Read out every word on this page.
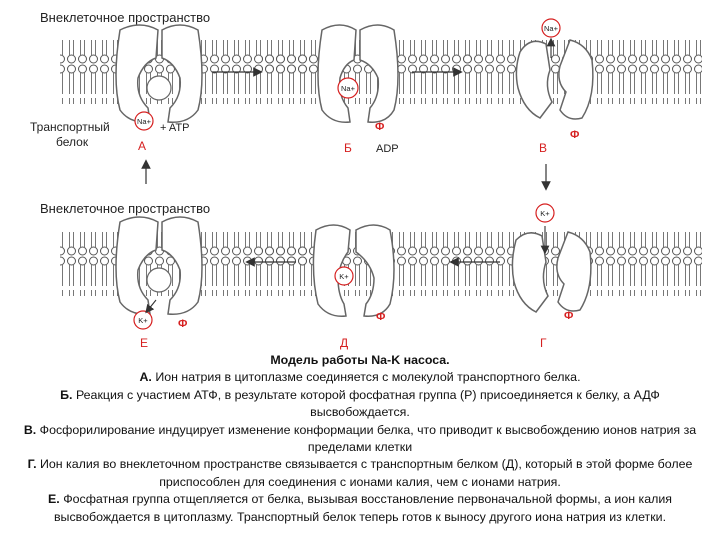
Внеклеточное пространство
Транспортный
белок
Na+
+ ATP
А
Na+
Ф
ADP
Б
Na+
Ф
В
Внеклеточное пространство	K+
Ф
Г
K+
Ф
Д
K+	Ф
Е
Модель работы Na-K насоса.
А. Ион натрия в цитоплазме соединяется с молекулой транспортного белка.
Б. Реакция с участием АТФ, в результате которой фосфатная группа (Р) присоединяется к белку, а АДФ высвобождается.
В. Фосфорилирование индуцирует изменение конформации белка, что приводит к высвобождению ионов натрия за пределами клетки
Г. Ион калия во внеклеточном пространстве связывается с транспортным белком (Д), который в этой форме более приспособлен для соединения с ионами калия, чем с ионами натрия.
Е. Фосфатная группа отщепляется от белка, вызывая восстановление первоначальной формы, а ион калия высвобождается в цитоплазму. Транспортный белок теперь готов к выносу другого иона натрия из клетки.
